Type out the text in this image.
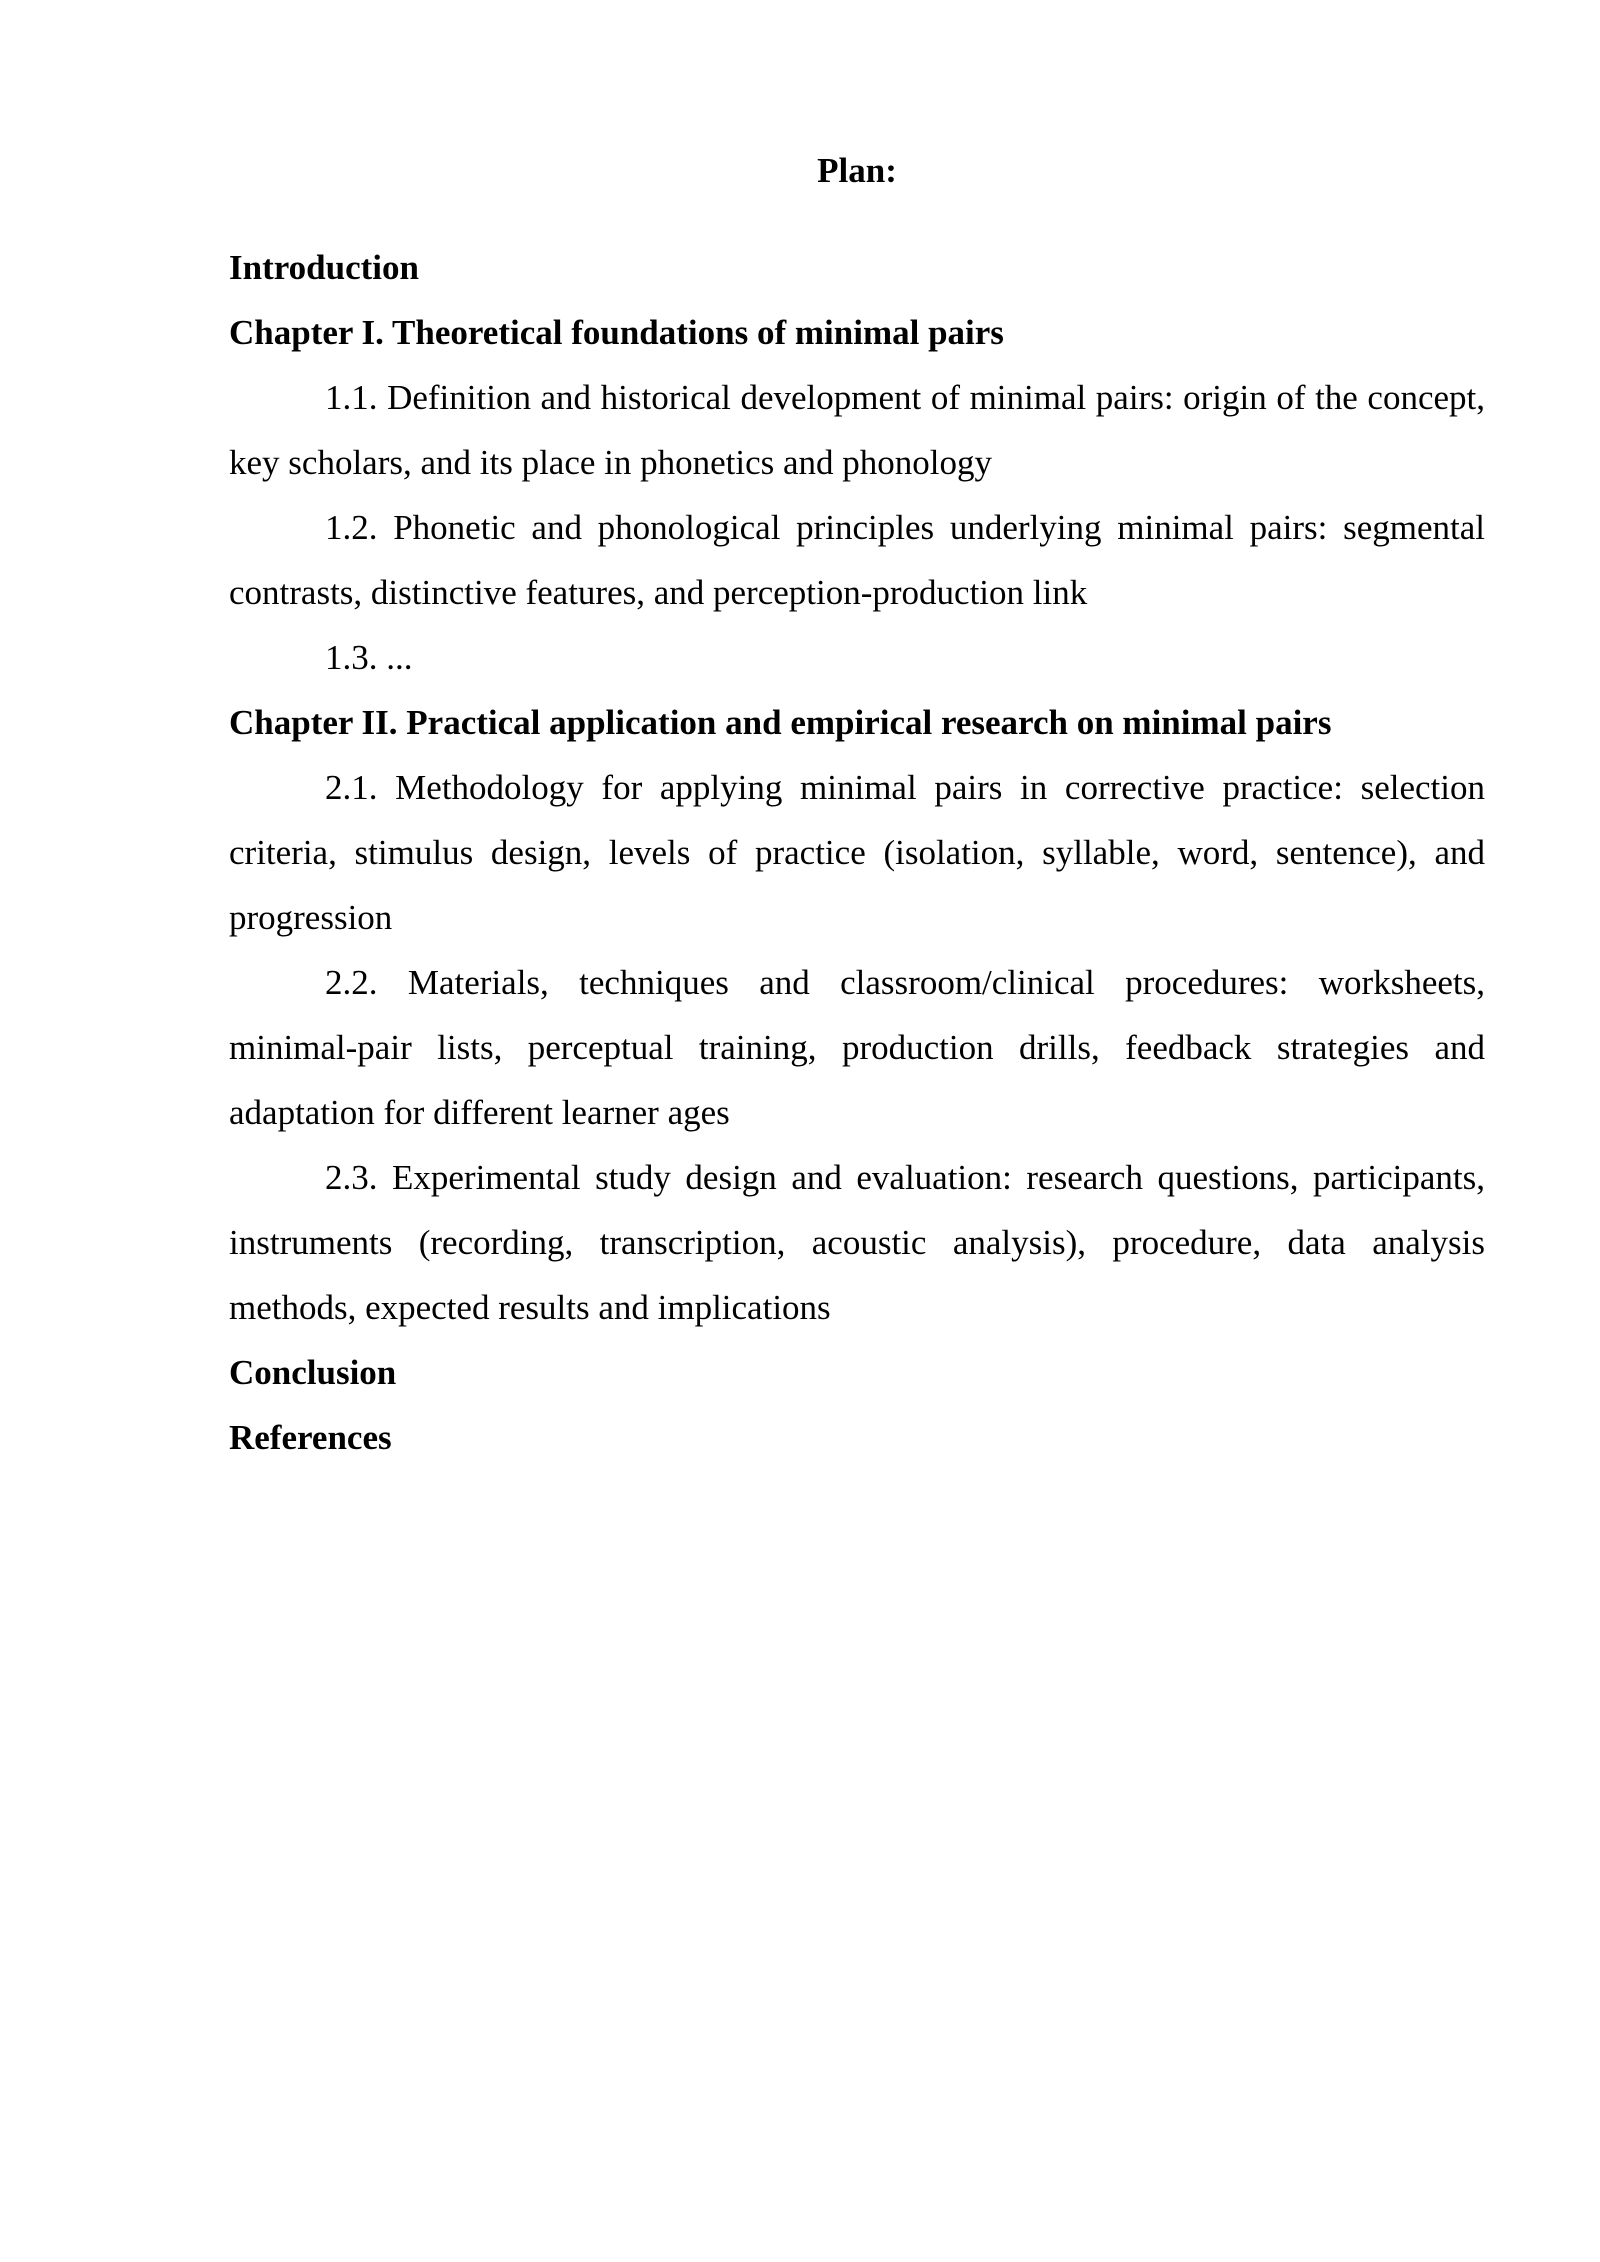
Plan:

Introduction

Chapter I. Theoretical foundations of minimal pairs

1.1. Definition and historical development of minimal pairs: origin of the concept, key scholars, and its place in phonetics and phonology

1.2. Phonetic and phonological principles underlying minimal pairs: segmental contrasts, distinctive features, and perception-production link

1.3. ...

Chapter II. Practical application and empirical research on minimal pairs

2.1. Methodology for applying minimal pairs in corrective practice: selection criteria, stimulus design, levels of practice (isolation, syllable, word, sentence), and progression

2.2. Materials, techniques and classroom/clinical procedures: worksheets, minimal-pair lists, perceptual training, production drills, feedback strategies and adaptation for different learner ages

2.3. Experimental study design and evaluation: research questions, participants, instruments (recording, transcription, acoustic analysis), procedure, data analysis methods, expected results and implications

Conclusion

References
